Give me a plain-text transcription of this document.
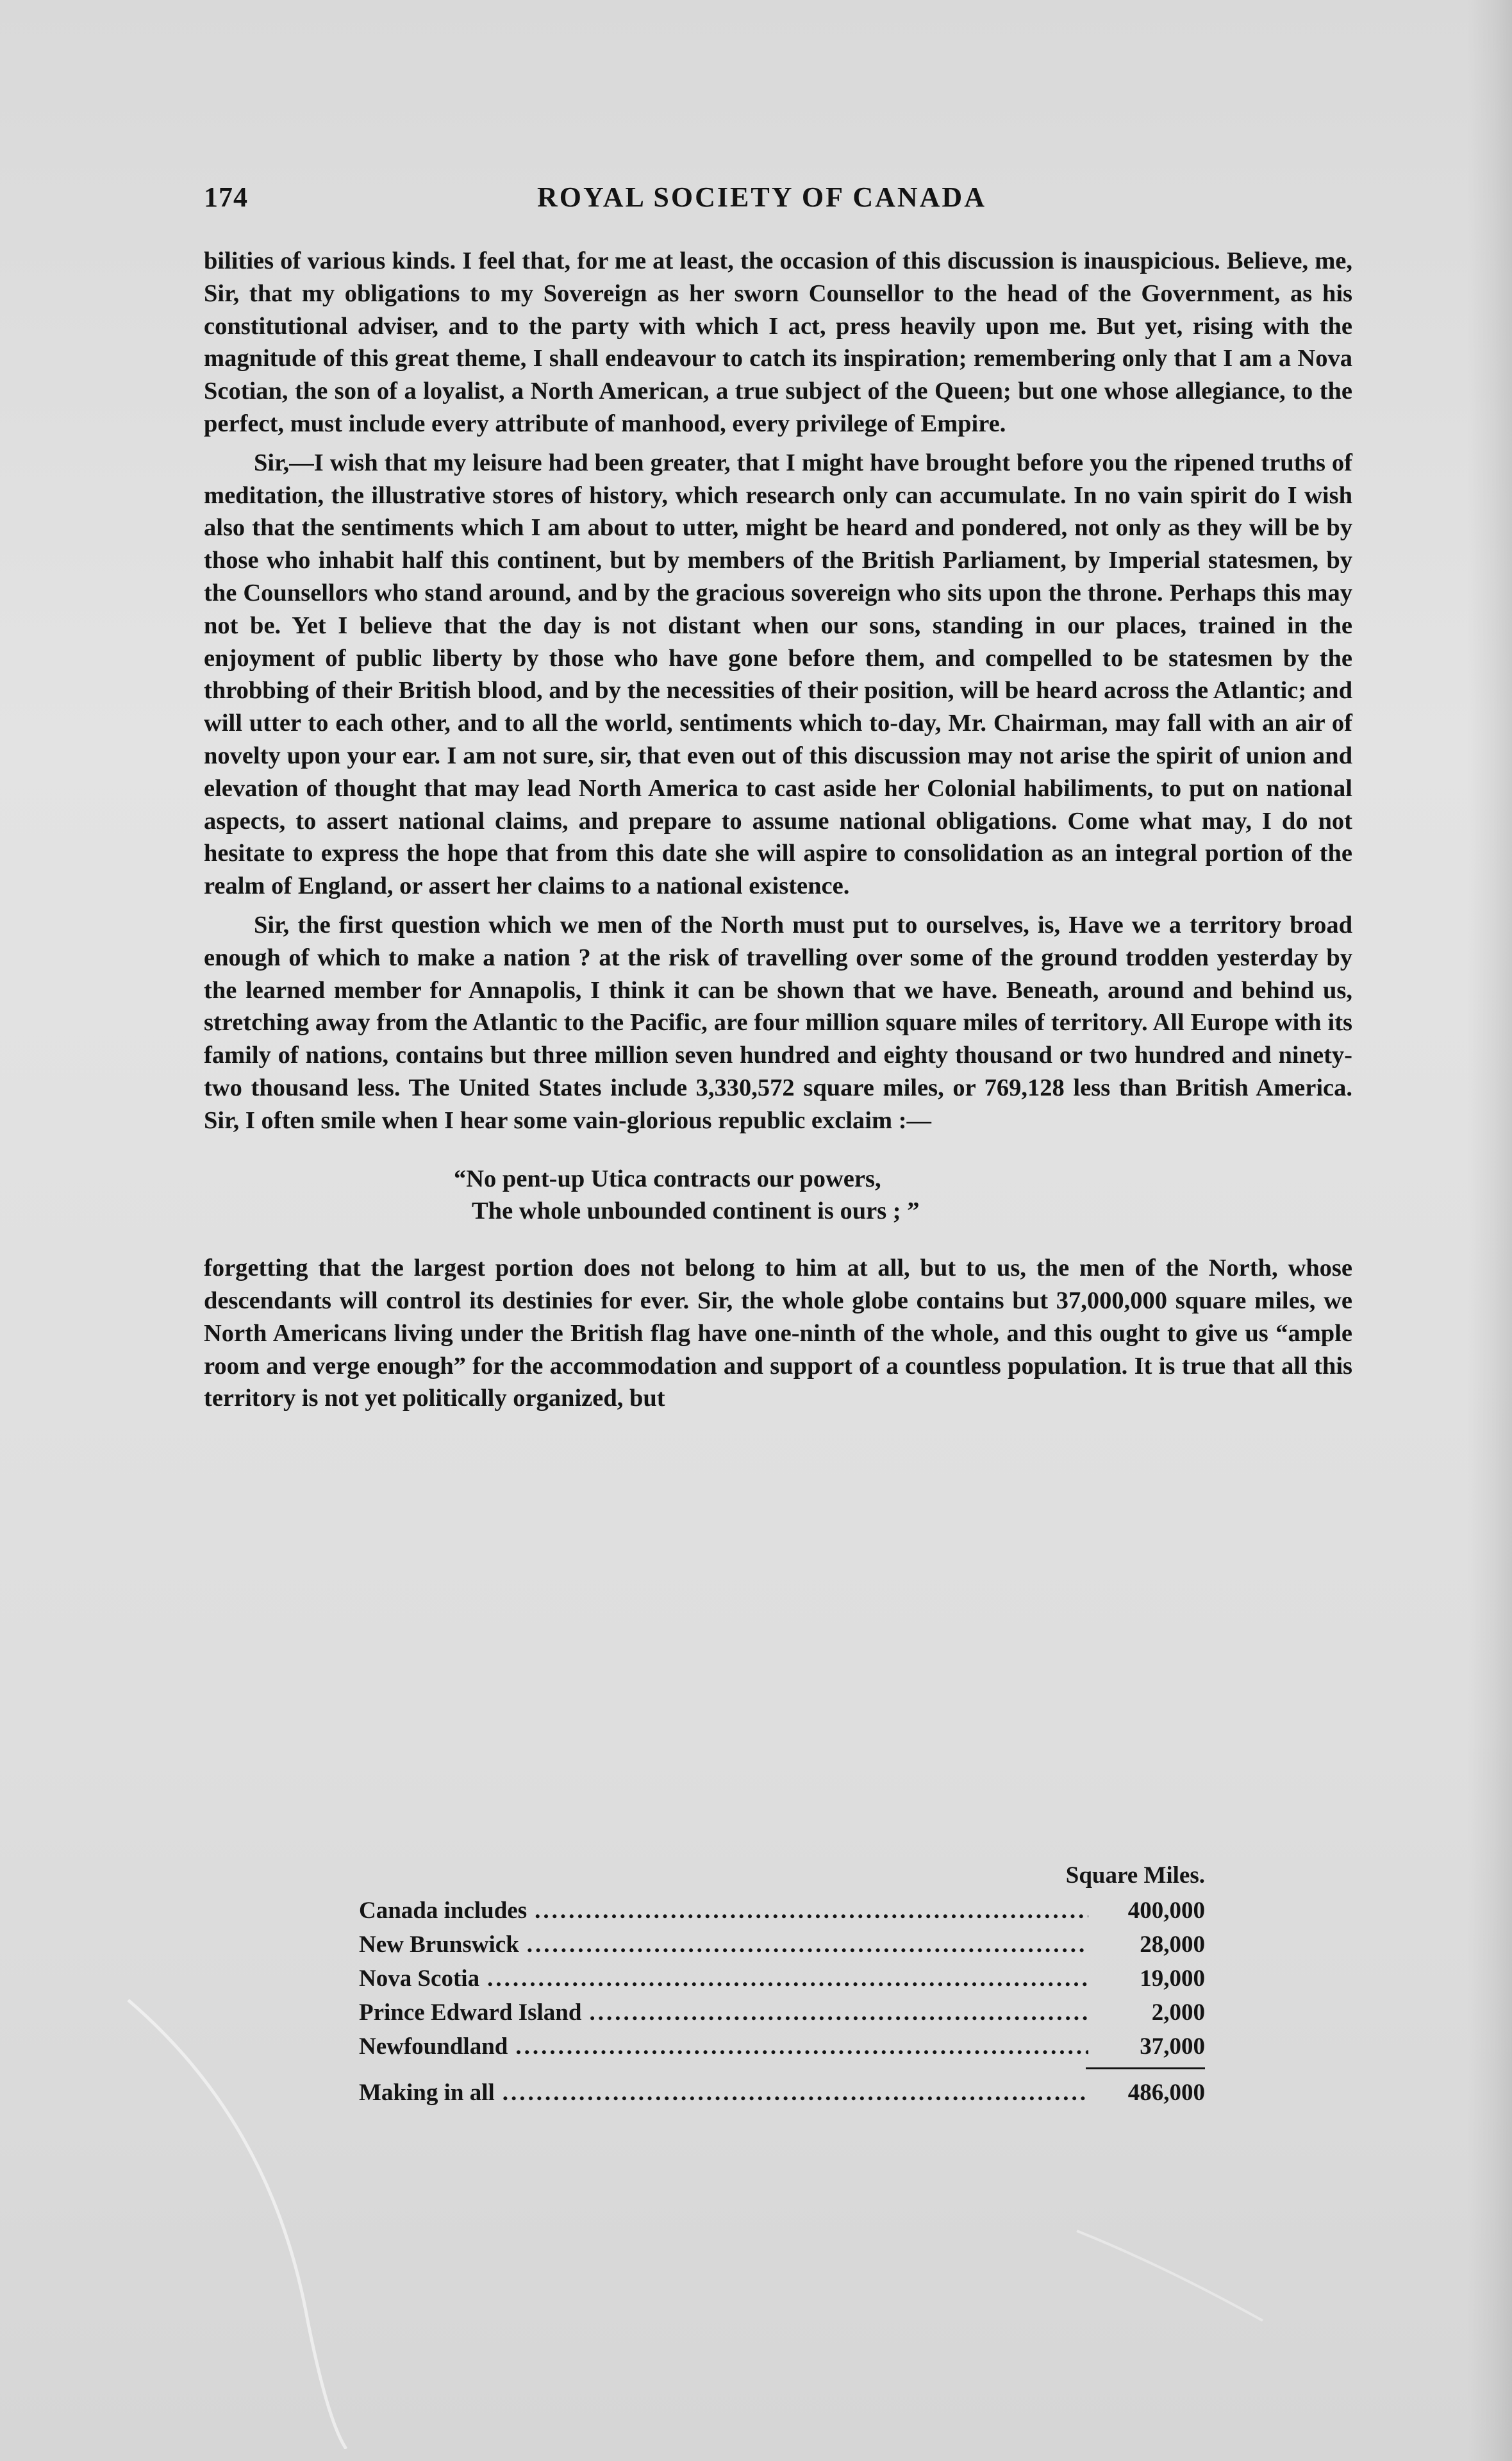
174	ROYAL SOCIETY OF CANADA

bilities of various kinds. I feel that, for me at least, the occasion of this discussion is inauspicious. Believe, me, Sir, that my obligations to my Sovereign as her sworn Counsellor to the head of the Government, as his constitutional adviser, and to the party with which I act, press heavily upon me. But yet, rising with the magnitude of this great theme, I shall endeavour to catch its inspiration; remembering only that I am a Nova Scotian, the son of a loyalist, a North American, a true subject of the Queen; but one whose allegiance, to the perfect, must include every attribute of manhood, every privilege of Empire.

Sir,—I wish that my leisure had been greater, that I might have brought before you the ripened truths of meditation, the illustrative stores of history, which research only can accumulate. In no vain spirit do I wish also that the sentiments which I am about to utter, might be heard and pondered, not only as they will be by those who inhabit half this continent, but by members of the British Parliament, by Imperial statesmen, by the Counsellors who stand around, and by the gracious sovereign who sits upon the throne. Perhaps this may not be. Yet I believe that the day is not distant when our sons, standing in our places, trained in the enjoyment of public liberty by those who have gone before them, and compelled to be statesmen by the throbbing of their British blood, and by the necessities of their position, will be heard across the Atlantic; and will utter to each other, and to all the world, sentiments which to-day, Mr. Chairman, may fall with an air of novelty upon your ear. I am not sure, sir, that even out of this discussion may not arise the spirit of union and elevation of thought that may lead North America to cast aside her Colonial habiliments, to put on national aspects, to assert national claims, and prepare to assume national obligations. Come what may, I do not hesitate to express the hope that from this date she will aspire to consolidation as an integral portion of the realm of England, or assert her claims to a national existence.

Sir, the first question which we men of the North must put to ourselves, is, Have we a territory broad enough of which to make a nation ? at the risk of travelling over some of the ground trodden yesterday by the learned member for Annapolis, I think it can be shown that we have. Beneath, around and behind us, stretching away from the Atlantic to the Pacific, are four million square miles of territory. All Europe with its family of nations, contains but three million seven hundred and eighty thousand or two hundred and ninety-two thousand less. The United States include 3,330,572 square miles, or 769,128 less than British America. Sir, I often smile when I hear some vain-glorious republic exclaim :—

“No pent-up Utica contracts our powers,
The whole unbounded continent is ours ; ”

forgetting that the largest portion does not belong to him at all, but to us, the men of the North, whose descendants will control its destinies for ever. Sir, the whole globe contains but 37,000,000 square miles, we North Americans living under the British flag have one-ninth of the whole, and this ought to give us “ample room and verge enough” for the accommodation and support of a countless population. It is true that all this territory is not yet politically organized, but

Square Miles.
Canada includes .....	400,000
New Brunswick .....	28,000
Nova Scotia .....	19,000
Prince Edward Island .....	2,000
Newfoundland .....	37,000
Making in all .....	486,000
